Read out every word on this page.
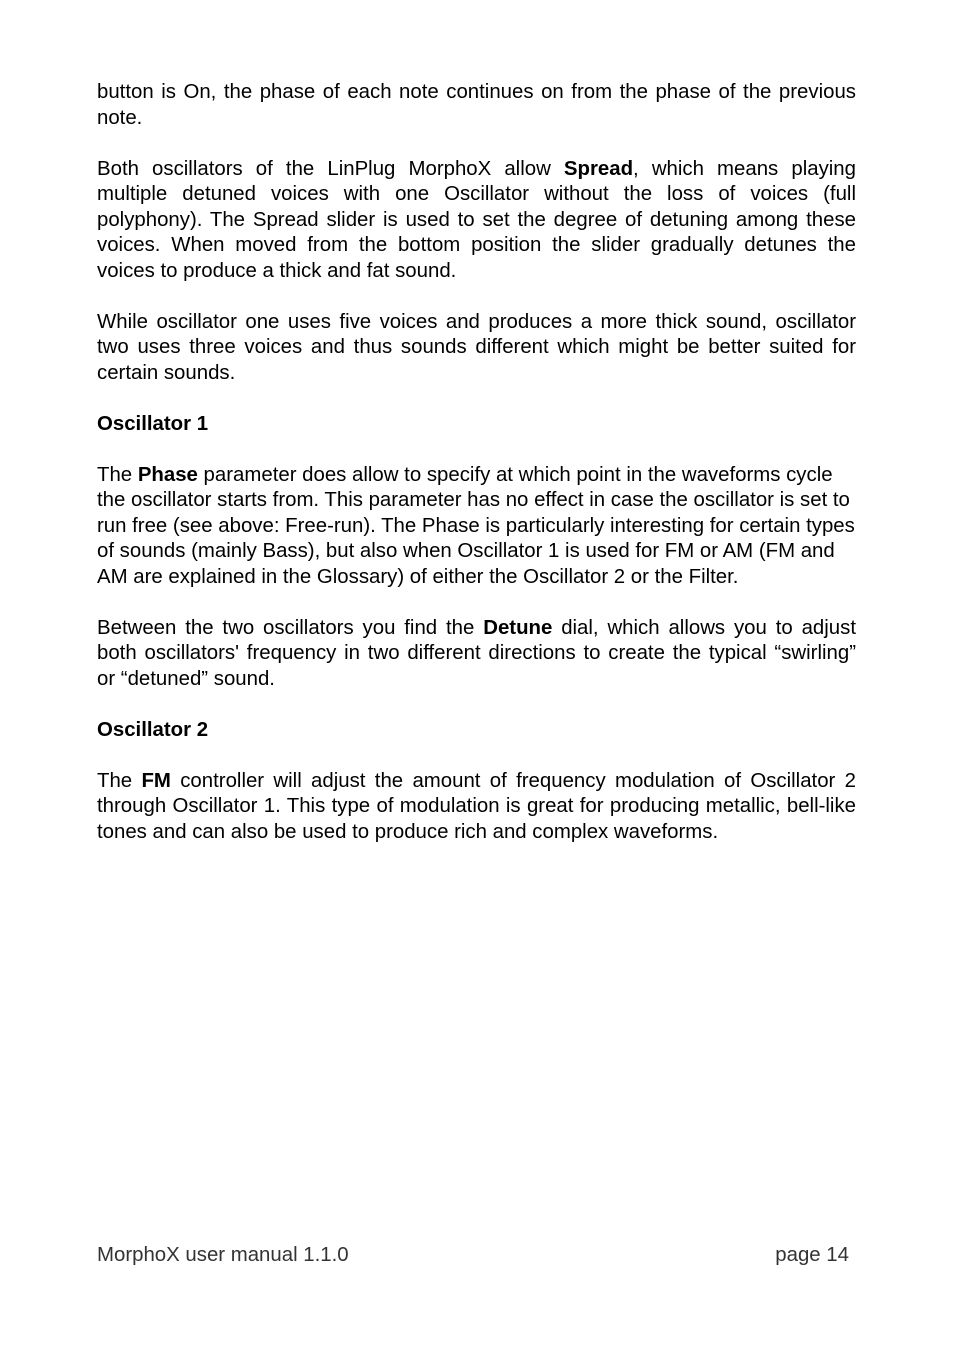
button is On, the phase of each note continues on from the phase of the previous note.

Both oscillators of the LinPlug MorphoX allow Spread, which means playing multiple detuned voices with one Oscillator without the loss of voices (full polyphony). The Spread slider is used to set the degree of detuning among these voices. When moved from the bottom position the slider gradually detunes the voices to produce a thick and fat sound.

While oscillator one uses five voices and produces a more thick sound, oscillator two uses three voices and thus sounds different which might be better suited for certain sounds.

Oscillator 1

The Phase parameter does allow to specify at which point in the waveforms cycle the oscillator starts from. This parameter has no effect in case the oscillator is set to run free (see above: Free-run). The Phase is particularly interesting for certain types of sounds (mainly Bass), but also when Oscillator 1 is used for FM or AM (FM and AM are explained in the Glossary) of either the Oscillator 2 or the Filter.

Between the two oscillators you find the Detune dial, which allows you to adjust both oscillators' frequency in two different directions to create the typical “swirling” or “detuned” sound.

Oscillator 2

The FM controller will adjust the amount of frequency modulation of Oscillator 2 through Oscillator 1. This type of modulation is great for producing metallic, bell-like tones and can also be used to produce rich and complex waveforms.

MorphoX user manual 1.1.0	page 14
